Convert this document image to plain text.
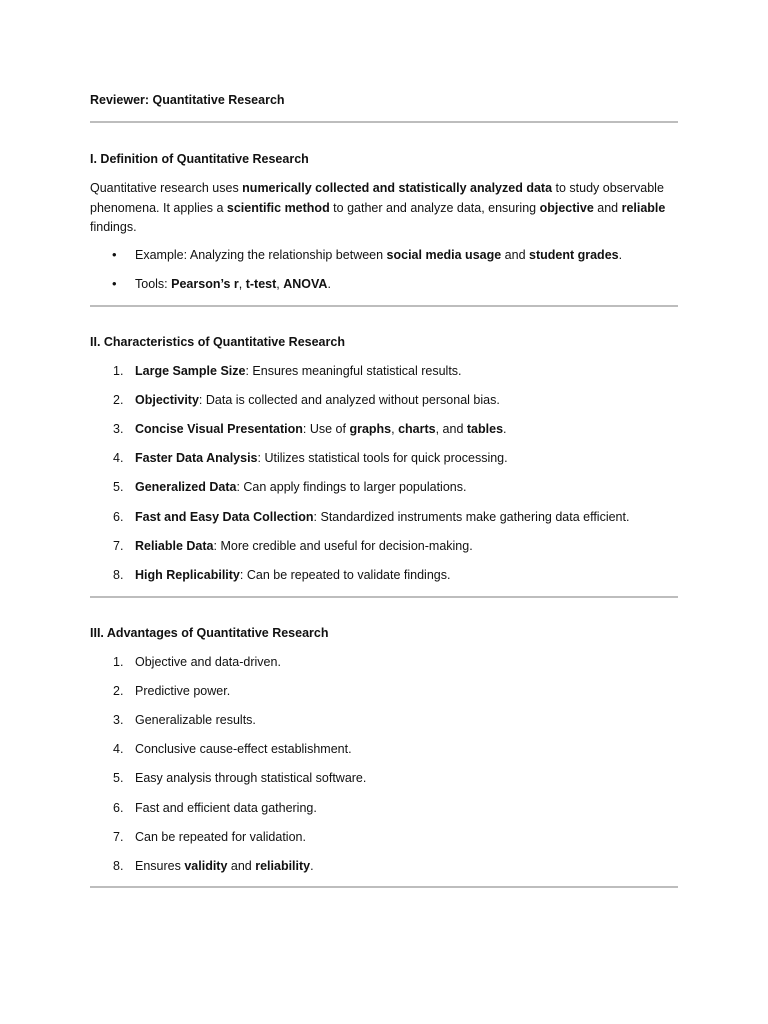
Reviewer: Quantitative Research
I. Definition of Quantitative Research
Quantitative research uses numerically collected and statistically analyzed data to study observable phenomena. It applies a scientific method to gather and analyze data, ensuring objective and reliable findings.
• Example: Analyzing the relationship between social media usage and student grades.
• Tools: Pearson’s r, t-test, ANOVA.
II. Characteristics of Quantitative Research
1. Large Sample Size: Ensures meaningful statistical results.
2. Objectivity: Data is collected and analyzed without personal bias.
3. Concise Visual Presentation: Use of graphs, charts, and tables.
4. Faster Data Analysis: Utilizes statistical tools for quick processing.
5. Generalized Data: Can apply findings to larger populations.
6. Fast and Easy Data Collection: Standardized instruments make gathering data efficient.
7. Reliable Data: More credible and useful for decision-making.
8. High Replicability: Can be repeated to validate findings.
III. Advantages of Quantitative Research
1. Objective and data-driven.
2. Predictive power.
3. Generalizable results.
4. Conclusive cause-effect establishment.
5. Easy analysis through statistical software.
6. Fast and efficient data gathering.
7. Can be repeated for validation.
8. Ensures validity and reliability.
